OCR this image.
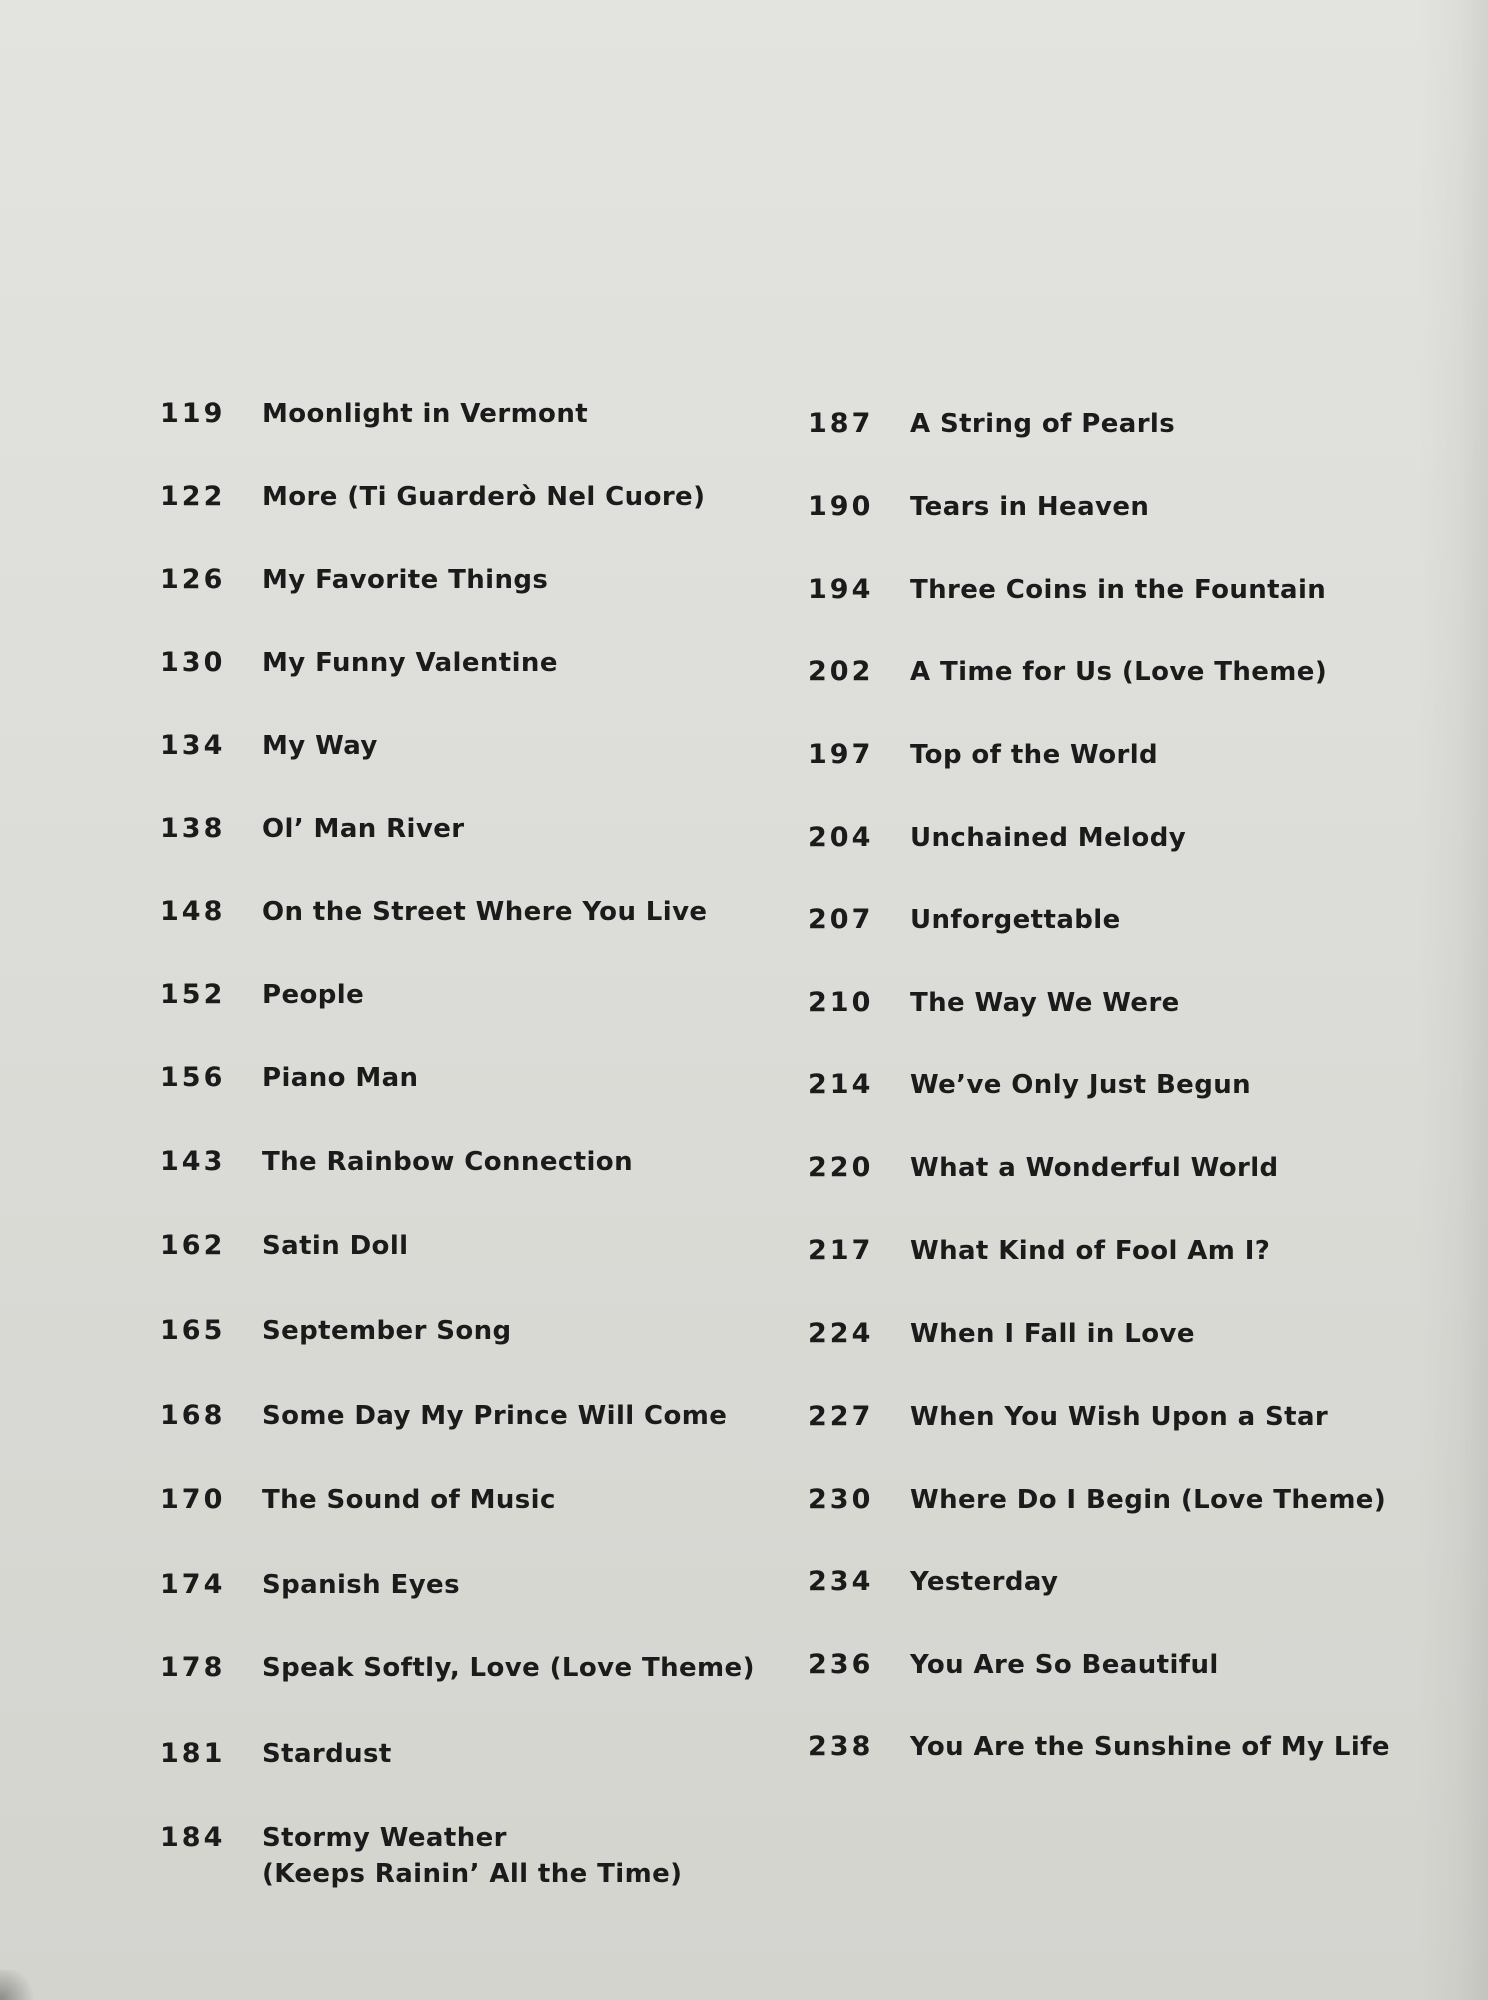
119	Moonlight in Vermont
122	More (Ti Guarderò Nel Cuore)
126	My Favorite Things
130	My Funny Valentine
134	My Way
138	Ol’ Man River
148	On the Street Where You Live
152	People
156	Piano Man
143	The Rainbow Connection
162	Satin Doll
165	September Song
168	Some Day My Prince Will Come
170	The Sound of Music
174	Spanish Eyes
178	Speak Softly, Love (Love Theme)
181	Stardust
184	Stormy Weather
(Keeps Rainin’ All the Time)
187	A String of Pearls
190	Tears in Heaven
194	Three Coins in the Fountain
202	A Time for Us (Love Theme)
197	Top of the World
204	Unchained Melody
207	Unforgettable
210	The Way We Were
214	We’ve Only Just Begun
220	What a Wonderful World
217	What Kind of Fool Am I?
224	When I Fall in Love
227	When You Wish Upon a Star
230	Where Do I Begin (Love Theme)
234	Yesterday
236	You Are So Beautiful
238	You Are the Sunshine of My Life
